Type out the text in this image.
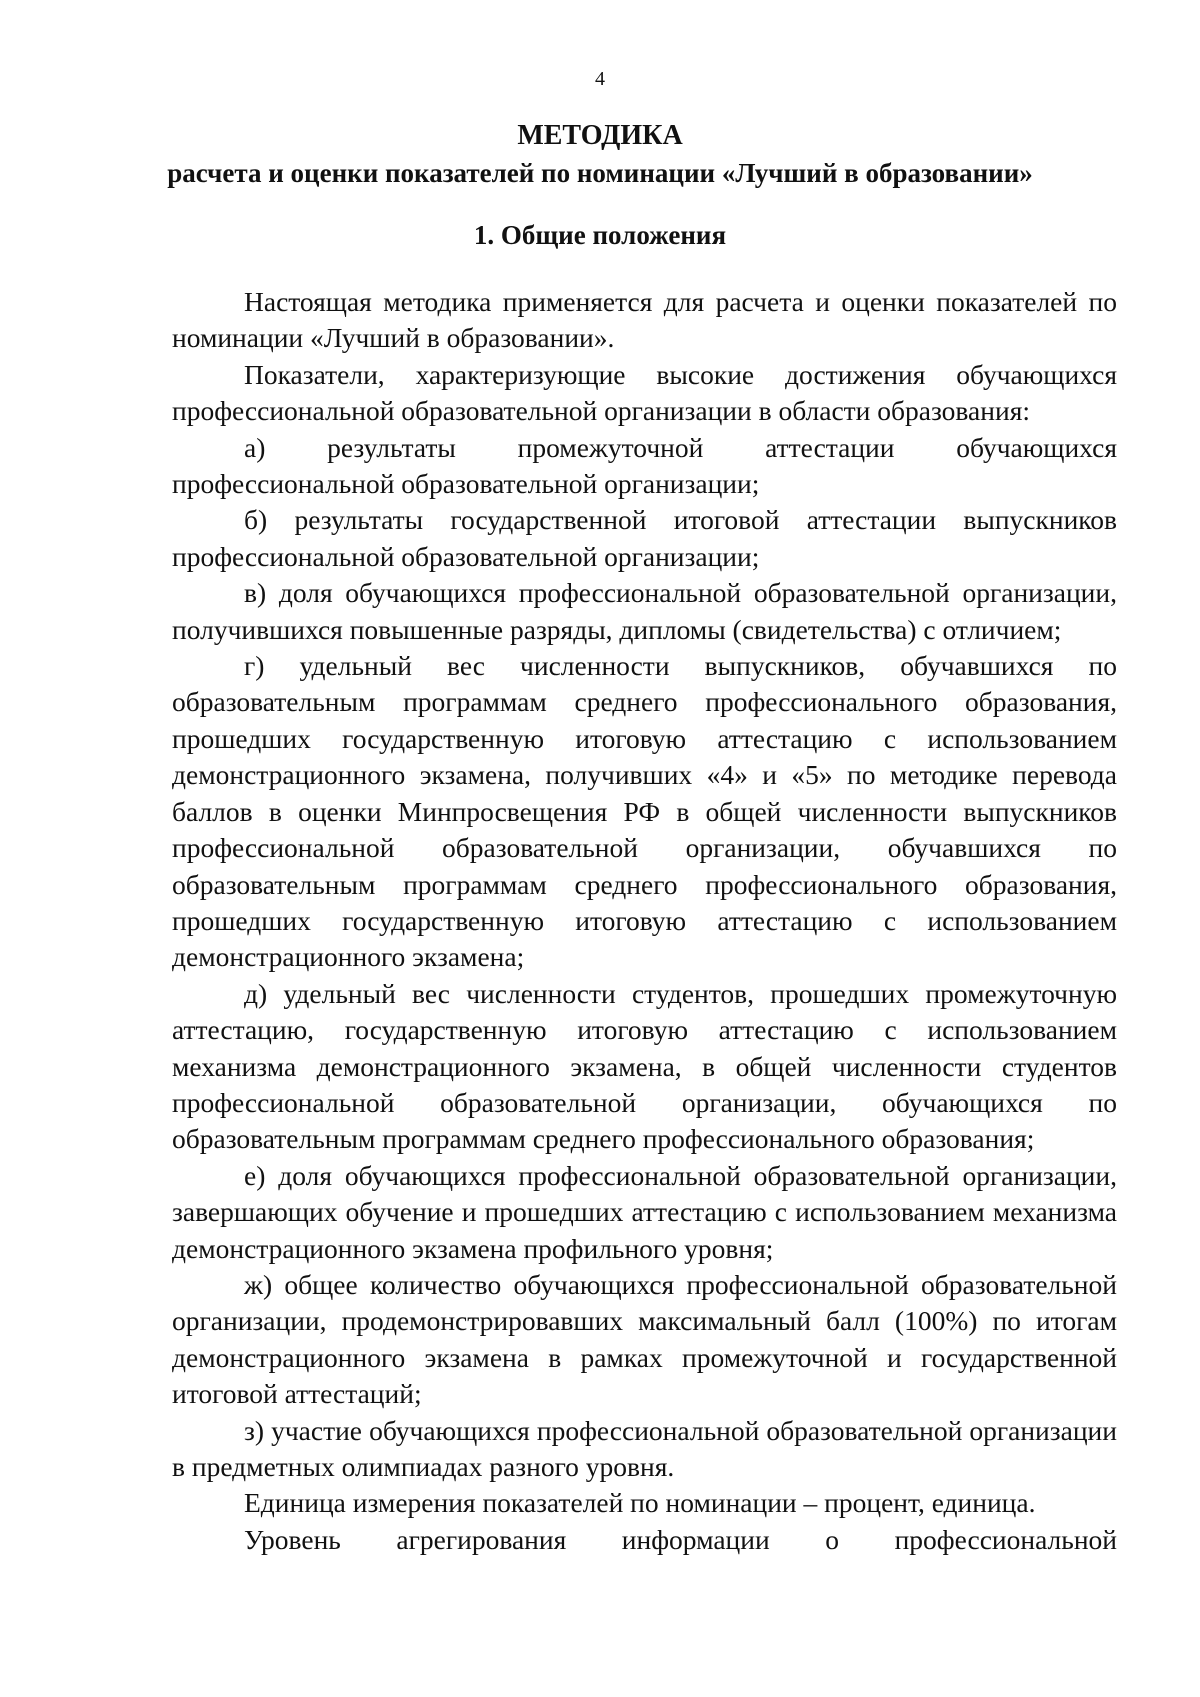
4
МЕТОДИКА
расчета и оценки показателей по номинации «Лучший в образовании»
1. Общие положения

Настоящая методика применяется для расчета и оценки показателей по номинации «Лучший в образовании».

Показатели, характеризующие высокие достижения обучающихся профессиональной образовательной организации в области образования:

а) результаты промежуточной аттестации обучающихся профессиональной образовательной организации;

б) результаты государственной итоговой аттестации выпускников профессиональной образовательной организации;

в) доля обучающихся профессиональной образовательной организации, получившихся повышенные разряды, дипломы (свидетельства) с отличием;

г) удельный вес численности выпускников, обучавшихся по образовательным программам среднего профессионального образования, прошедших государственную итоговую аттестацию с использованием демонстрационного экзамена, получивших «4» и «5» по методике перевода баллов в оценки Минпросвещения РФ в общей численности выпускников профессиональной образовательной организации, обучавшихся по образовательным программам среднего профессионального образования, прошедших государственную итоговую аттестацию с использованием демонстрационного экзамена;

д) удельный вес численности студентов, прошедших промежуточную аттестацию, государственную итоговую аттестацию с использованием механизма демонстрационного экзамена, в общей численности студентов профессиональной образовательной организации, обучающихся по образовательным программам среднего профессионального образования;

е) доля обучающихся профессиональной образовательной организации, завершающих обучение и прошедших аттестацию с использованием механизма демонстрационного экзамена профильного уровня;

ж) общее количество обучающихся профессиональной образовательной организации, продемонстрировавших максимальный балл (100%) по итогам демонстрационного экзамена в рамках промежуточной и государственной итоговой аттестаций;

з) участие обучающихся профессиональной образовательной организации в предметных олимпиадах разного уровня.

Единица измерения показателей по номинации – процент, единица.

Уровень агрегирования информации о профессиональной
